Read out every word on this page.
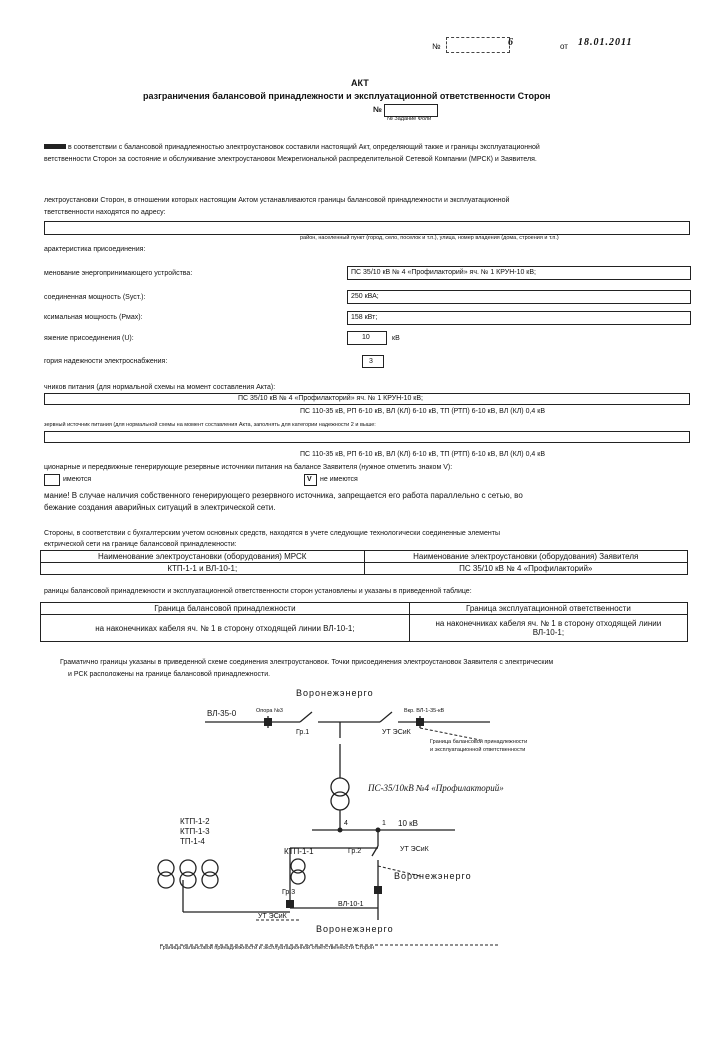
№	6	от 18.01.2011
АКТ
разграничения балансовой принадлежности и эксплуатационной ответственности Сторон
№
№ Задание Фоли
в соответствии с балансовой принадлежностью электроустановок составили настоящий Акт, определяющий также и границы эксплуатационной
ветственности Сторон за состояние и обслуживание электроустановок Межрегиональной распределительной Сетевой Компании (МРСК) и Заявителя.
лектроустановки Сторон, в отношении которых настоящим Актом устанавливаются границы балансовой принадлежности и эксплуатационной
тветственности находятся по адресу:
район, населенный пункт (город, село, поселок и т.п.), улица, номер владения (дома, строения и т.п.)
арактеристика присоединения:
менование энергопринимающего устройства:	ПС 35/10 кВ № 4 «Профилакторий» яч. № 1 КРУН-10 кВ;
соединенная мощность (Sуст.):	250 кВА;
ксимальная мощность (Pмах):	158 кВт;
яжение присоединения (U):	10	кВ
гория надежности электроснабжения:	3
чников питания (для нормальной схемы на момент составления Акта):
ПС 35/10 кВ № 4 «Профилакторий» яч. № 1 КРУН-10 кВ;
ПС 110-35 кВ, РП 6-10 кВ, ВЛ (КЛ) 6-10 кВ, ТП (РТП) 6-10 кВ, ВЛ (КЛ) 0,4 кВ
зервный источник питания (для нормальной схемы на момент составления Акта, заполнять для категории надежности 2 и выше:
ПС 110-35 кВ, РП 6-10 кВ, ВЛ (КЛ) 6-10 кВ, ТП (РТП) 6-10 кВ, ВЛ (КЛ) 0,4 кВ
ционарные и передвижные генерирующие резервные источники питания на балансе Заявителя (нужное отметить знаком V):
имеются	V не имеются
мание! В случае наличия собственного генерирующего резервного источника, запрещается его работа параллельно с сетью, во
бежание создания аварийных ситуаций в электрической сети.
Стороны, в соответствии с бухгалтерским учетом основных средств, находятся в учете следующие технологически соединенные элементы
ектрической сети на границе балансовой принадлежности:
Наименование электроустановки (оборудования) МРСК	Наименование электроустановки (оборудования) Заявителя
КТП-1-1 и ВЛ-10-1;	ПС 35/10 кВ № 4 «Профилакторий»
раницы балансовой принадлежности и эксплуатационной ответственности сторон установлены и указаны в приведенной таблице:
Граница балансовой принадлежности	Граница эксплуатационной ответственности
на наконечниках кабеля яч. № 1 в сторону отходящей линии ВЛ-10-1;	на наконечниках кабеля яч. № 1 в сторону отходящей линии
ВЛ-10-1;
Граматично границы указаны в приведенной схеме соединения электроустановок. Точки присоединения электроустановок Заявителя с электрическим
и РСК расположены на границе балансовой принадлежности.
Воронежэнерго
ВЛ-35-0	Опора №3	Вкр. ВЛ-1-35-кВ
Гр.1	УТ ЭСиК
Граница балансовой принадлежности
и эксплуатационной ответственности
ПС-35/10кВ №4 «Профилакторий»
4	1 10 кВ
КТП-1-2
КТП-1-3
ТП-1-4
КТП-1-1	Гр.2	УТ ЭСиК
Воронежэнерго
Гр.3
ВЛ-10-1
УТ ЭСиК
Воронежэнерго
Граница балансовой принадлежности и эксплуатационной ответственности Сторон
